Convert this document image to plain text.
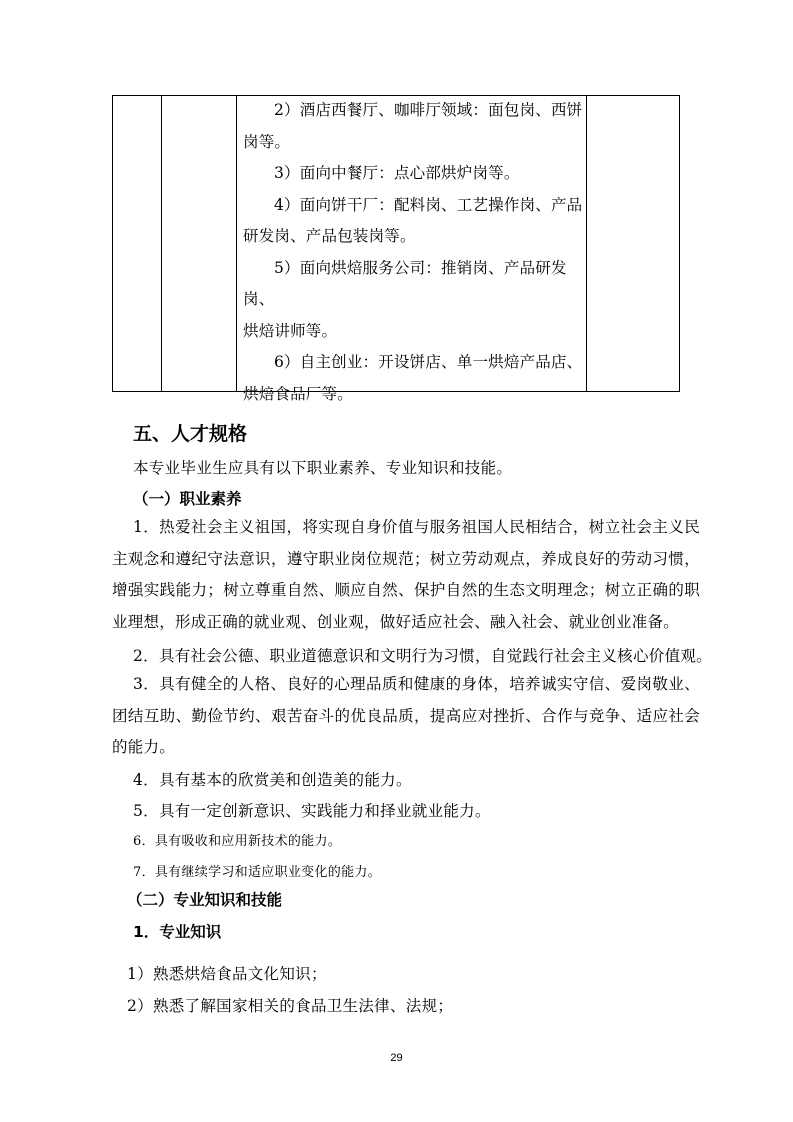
2）酒店西餐厅、咖啡厅领域：面包岗、西饼

岗等。

3）面向中餐厅：点心部烘炉岗等。

4）面向饼干厂：配料岗、工艺操作岗、产品

研发岗、产品包装岗等。

5）面向烘焙服务公司：推销岗、产品研发岗、

烘焙讲师等。

6）自主创业：开设饼店、单一烘焙产品店、

烘焙食品厂等。

五、人才规格
本专业毕业生应具有以下职业素养、专业知识和技能。
（一）职业素养
1．热爱社会主义祖国，将实现自身价值与服务祖国人民相结合，树立社会主义民主观念和遵纪守法意识，遵守职业岗位规范；树立劳动观点，养成良好的劳动习惯，增强实践能力；树立尊重自然、顺应自然、保护自然的生态文明理念；树立正确的职业理想，形成正确的就业观、创业观，做好适应社会、融入社会、就业创业准备。
2．具有社会公德、职业道德意识和文明行为习惯，自觉践行社会主义核心价值观。
3．具有健全的人格、良好的心理品质和健康的身体，培养诚实守信、爱岗敬业、团结互助、勤俭节约、艰苦奋斗的优良品质，提高应对挫折、合作与竞争、适应社会的能力。
4．具有基本的欣赏美和创造美的能力。
5．具有一定创新意识、实践能力和择业就业能力。
6．具有吸收和应用新技术的能力。
7．具有继续学习和适应职业变化的能力。
（二）专业知识和技能
1．专业知识
1）熟悉烘焙食品文化知识；
2）熟悉了解国家相关的食品卫生法律、法规；
29
